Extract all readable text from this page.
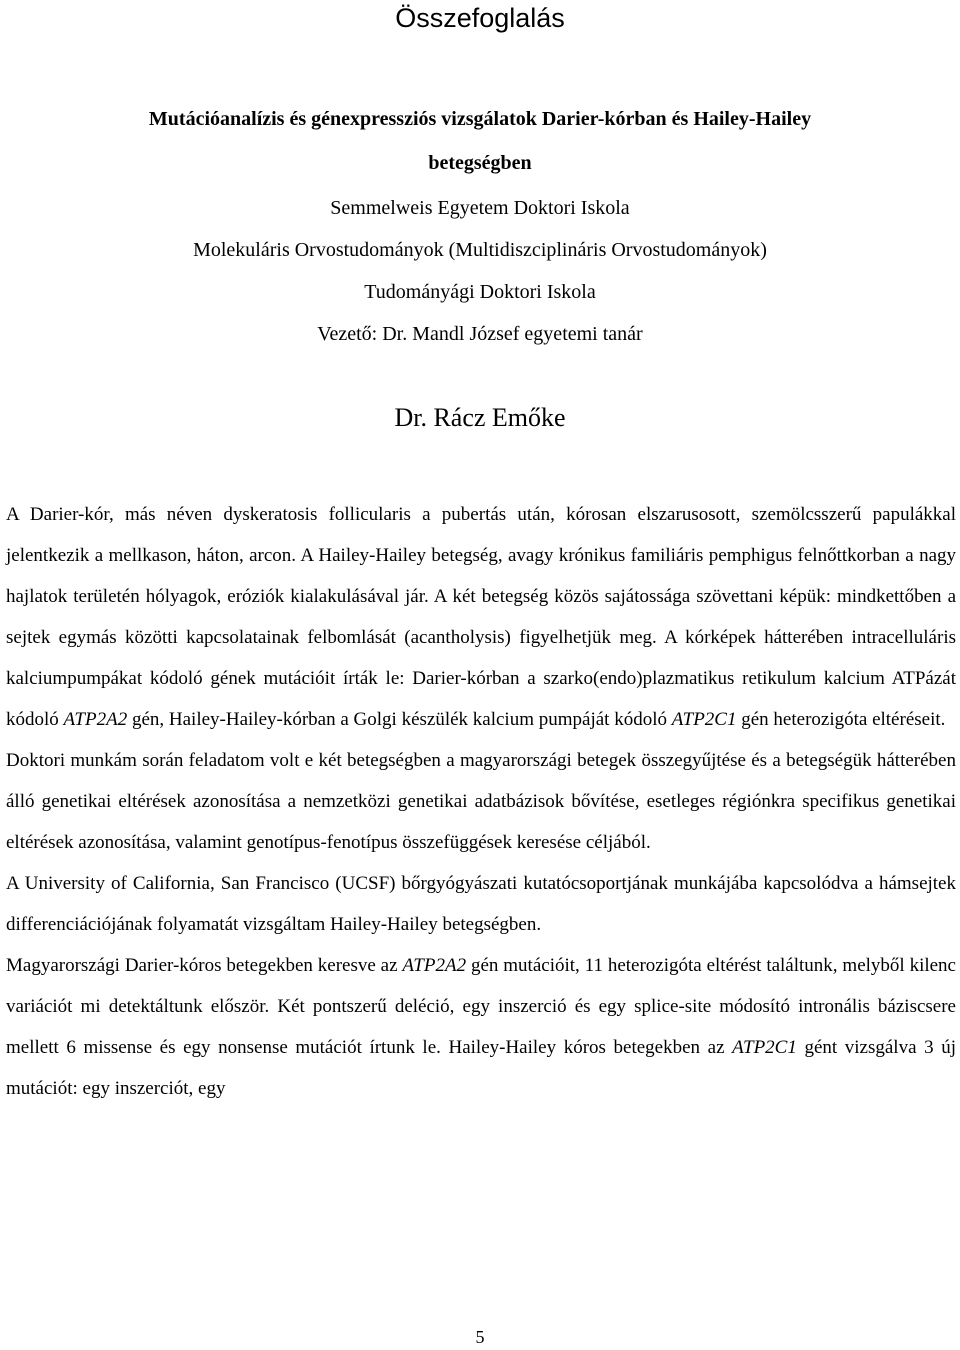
Összefoglalás
Mutációanalízis és génexpressziós vizsgálatok Darier-kórban és Hailey-Hailey
betegségben
Semmelweis Egyetem Doktori Iskola
Molekuláris Orvostudományok (Multidiszciplináris Orvostudományok)
Tudományági Doktori Iskola
Vezető: Dr. Mandl József egyetemi tanár
Dr. Rácz Emőke

A Darier-kór, más néven dyskeratosis follicularis a pubertás után, kórosan elszarusosott, szemölcsszerű papulákkal jelentkezik a mellkason, háton, arcon. A Hailey-Hailey betegség, avagy krónikus familiáris pemphigus felnőttkorban a nagy hajlatok területén hólyagok, eróziók kialakulásával jár. A két betegség közös sajátossága szövettani képük: mindkettőben a sejtek egymás közötti kapcsolatainak felbomlását (acantholysis) figyelhetjük meg. A kórképek hátterében intracelluláris kalciumpumpákat kódoló gének mutációit írták le: Darier-kórban a szarko(endo)plazmatikus retikulum kalcium ATPázát kódoló ATP2A2 gén, Hailey-Hailey-kórban a Golgi készülék kalcium pumpáját kódoló ATP2C1 gén heterozigóta eltéréseit.

Doktori munkám során feladatom volt e két betegségben a magyarországi betegek összegyűjtése és a betegségük hátterében álló genetikai eltérések azonosítása a nemzetközi genetikai adatbázisok bővítése, esetleges régiónkra specifikus genetikai eltérések azonosítása, valamint genotípus-fenotípus összefüggések keresése céljából.

A University of California, San Francisco (UCSF) bőrgyógyászati kutatócsoportjának munkájába kapcsolódva a hámsejtek differenciációjának folyamatát vizsgáltam Hailey-Hailey betegségben.

Magyarországi Darier-kóros betegekben keresve az ATP2A2 gén mutációit, 11 heterozigóta eltérést találtunk, melyből kilenc variációt mi detektáltunk először. Két pontszerű deléció, egy inszerció és egy splice-site módosító intronális báziscsere mellett 6 missense és egy nonsense mutációt írtunk le. Hailey-Hailey kóros betegekben az ATP2C1 gént vizsgálva 3 új mutációt: egy inszerciót, egy

5
